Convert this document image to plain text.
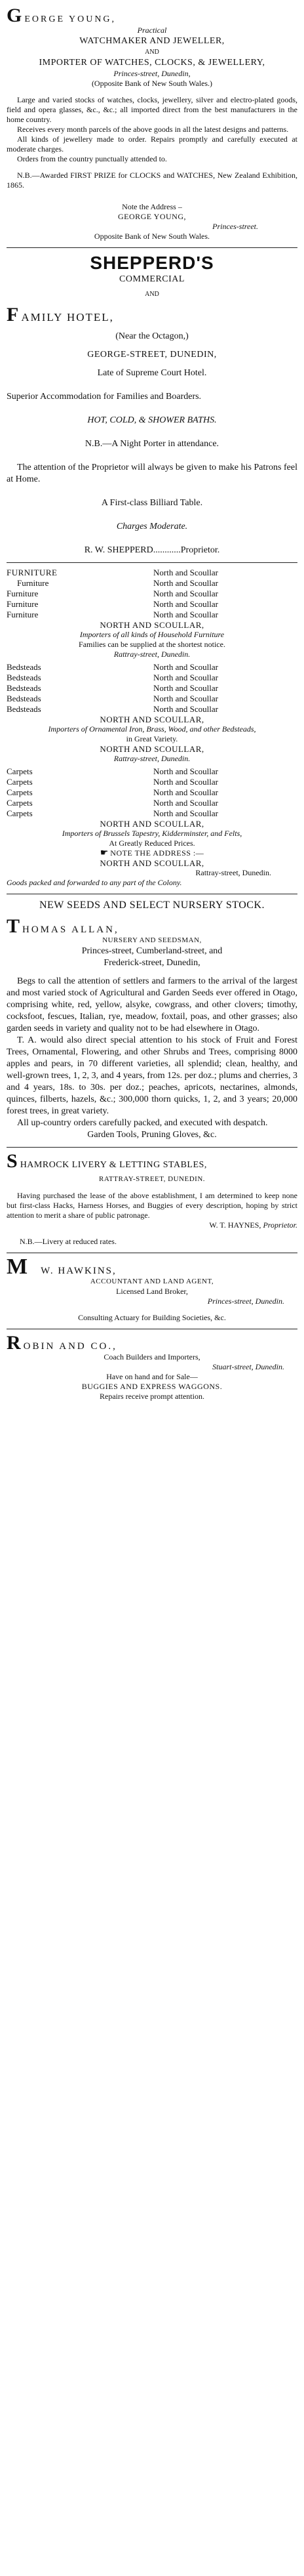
G EORGE YOUNG,

Practical

WATCHMAKER AND JEWELLER,

AND

IMPORTER OF WATCHES, CLOCKS, & JEWELLERY,

Princes-street, Dunedin,

(Opposite Bank of New South Wales.)

Large and varied stocks of watches, clocks, jewellery, silver and electro-plated goods, field and opera glasses, &c., &c.; all imported direct from the best manufacturers in the home country.

Receives every month parcels of the above goods in all the latest designs and patterns.

All kinds of jewellery made to order. Repairs promptly and carefully executed at moderate charges.

Orders from the country punctually attended to.

N.B.—Awarded FIRST PRIZE for CLOCKS and WATCHES, New Zealand Exhibition, 1865.

Note the Address –

GEORGE YOUNG,

Princes-street.

Opposite Bank of New South Wales.

SHEPPERD'S

COMMERCIAL

AND

F AMILY HOTEL,

(Near the Octagon,)

GEORGE-STREET, DUNEDIN,

Late of Supreme Court Hotel.

Superior Accommodation for Families and Boarders.

HOT, COLD, & SHOWER BATHS.

N.B.—A Night Porter in attendance.

The attention of the Proprietor will always be given to make his Patrons feel at Home.

A First-class Billiard Table.

Charges Moderate.

R. W. SHEPPERD............Proprietor.

FURNITURE	North and Scoullar
Furniture	North and Scoullar
Furniture	North and Scoullar
Furniture	North and Scoullar
Furniture	North and Scoullar

NORTH AND SCOULLAR,

Importers of all kinds of Household Furniture

Families can be supplied at the shortest notice.

Rattray-street, Dunedin.

Bedsteads	North and Scoullar
Bedsteads	North and Scoullar
Bedsteads	North and Scoullar
Bedsteads	North and Scoullar
Bedsteads	North and Scoullar

NORTH AND SCOULLAR,

Importers of Ornamental Iron, Brass, Wood, and other Bedsteads,

in Great Variety.

NORTH AND SCOULLAR,

Rattray-street, Dunedin.

Carpets	North and Scoullar
Carpets	North and Scoullar
Carpets	North and Scoullar
Carpets	North and Scoullar
Carpets	North and Scoullar

NORTH AND SCOULLAR,

Importers of Brussels Tapestry, Kidderminster, and Felts,

At Greatly Reduced Prices.

☛ NOTE THE ADDRESS :—

NORTH AND SCOULLAR,

Rattray-street, Dunedin.

Goods packed and forwarded to any part of the Colony.

NEW SEEDS AND SELECT NURSERY STOCK.

T HOMAS ALLAN,

NURSERY AND SEEDSMAN,

Princes-street, Cumberland-street, and

Frederick-street, Dunedin,

Begs to call the attention of settlers and farmers to the arrival of the largest and most varied stock of Agricultural and Garden Seeds ever offered in Otago, comprising white, red, yellow, alsyke, cowgrass, and other clovers; timothy, cocksfoot, fescues, Italian, rye, meadow, foxtail, poas, and other grasses; also garden seeds in variety and quality not to be had elsewhere in Otago.

T. A. would also direct special attention to his stock of Fruit and Forest Trees, Ornamental, Flowering, and other Shrubs and Trees, comprising 8000 apples and pears, in 70 different varieties, all splendid; clean, healthy, and well-grown trees, 1, 2, 3, and 4 years, from 12s. per doz.; plums and cherries, 3 and 4 years, 18s. to 30s. per doz.; peaches, apricots, nectarines, almonds, quinces, filberts, hazels, &c.; 300,000 thorn quicks, 1, 2, and 3 years; 20,000 forest trees, in great variety.

All up-country orders carefully packed, and executed with despatch.

Garden Tools, Pruning Gloves, &c.

S HAMROCK LIVERY & LETTING STABLES,

RATTRAY-STREET, DUNEDIN.

Having purchased the lease of the above establishment, I am determined to keep none but first-class Hacks, Harness Horses, and Buggies of every description, hoping by strict attention to merit a share of public patronage.

W. T. HAYNES, Proprietor.

N.B.—Livery at reduced rates.

M W. HAWKINS,

ACCOUNTANT AND LAND AGENT,

Licensed Land Broker,

Princes-street, Dunedin.

Consulting Actuary for Building Societies, &c.

R OBIN AND CO.,

Coach Builders and Importers,

Stuart-street, Dunedin.

Have on hand and for Sale—

BUGGIES AND EXPRESS WAGGONS.

Repairs receive prompt attention.
